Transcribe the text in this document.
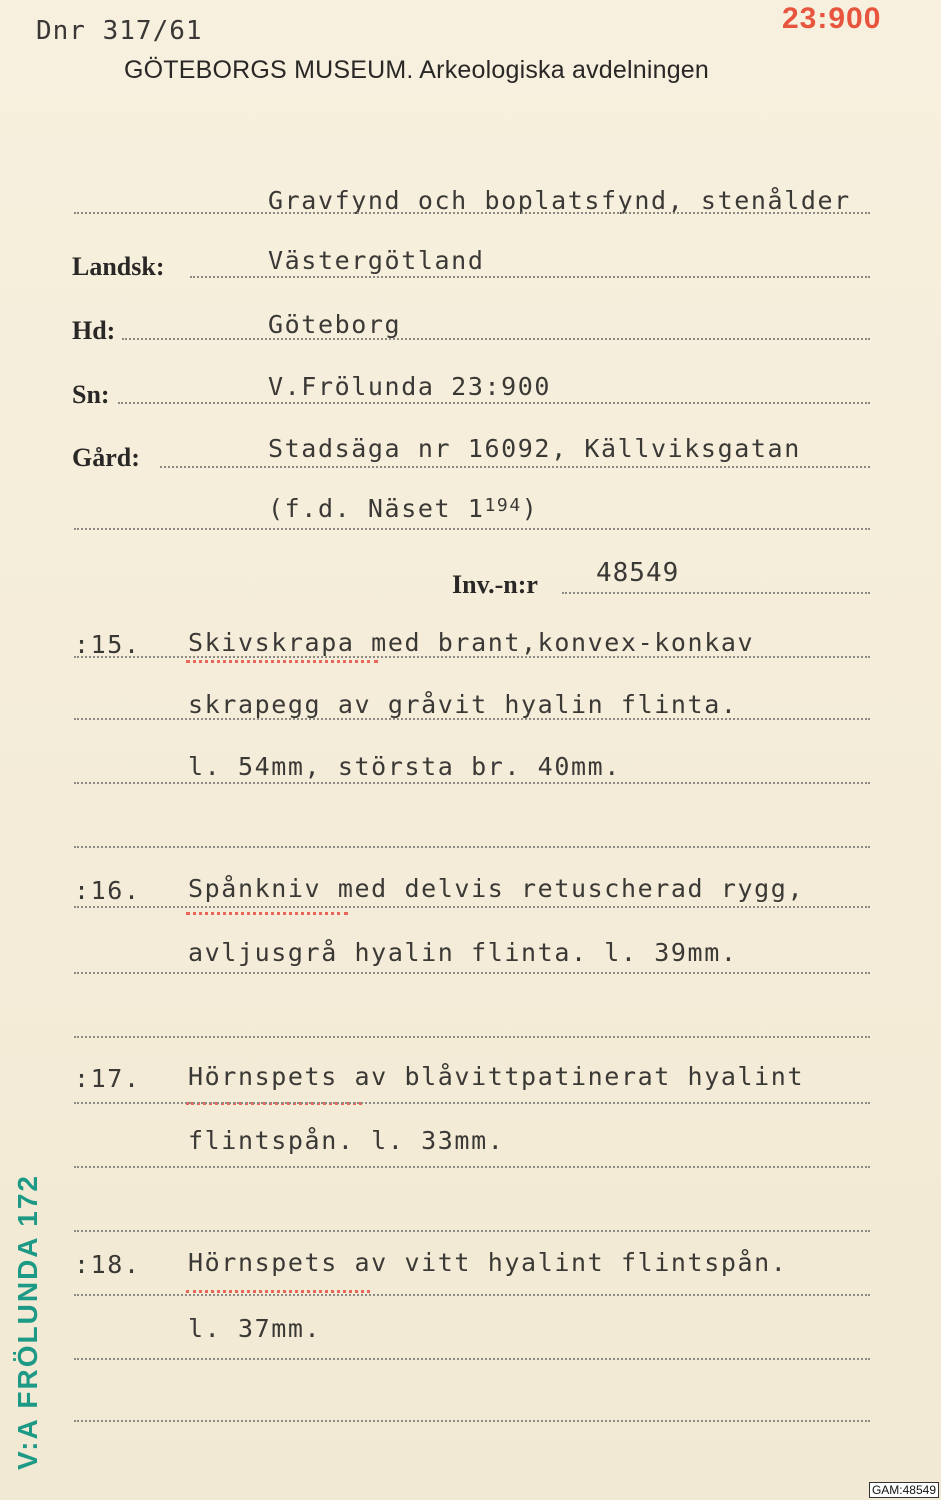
Dnr 317/61	23:900
GÖTEBORGS MUSEUM. Arkeologiska avdelningen
Gravfynd och boplatsfynd, stenålder
Landsk:	Västergötland
Hd:	Göteborg
Sn:	V.Frölunda 23:900
Gård:	Stadsäga nr 16092, Källviksgatan
(f.d. Näset $1^{194}$)
Inv.-n:r 48549
:15. Skivskrapa med brant,konvex-konkav
skrapegg av gråvit hyalin flinta.
l. 54mm, största br. 40mm.
:16. Spånkniv med delvis retuscherad rygg,
avljusgrå hyalin flinta. l. 39mm.
:17. Hörnspets av blåvittpatinerat hyalint
flintspån. l. 33mm.
:18. Hörnspets av vitt hyalint flintspån.
l. 37mm.
V:A FRÖLUNDA 172
GAM:48549
